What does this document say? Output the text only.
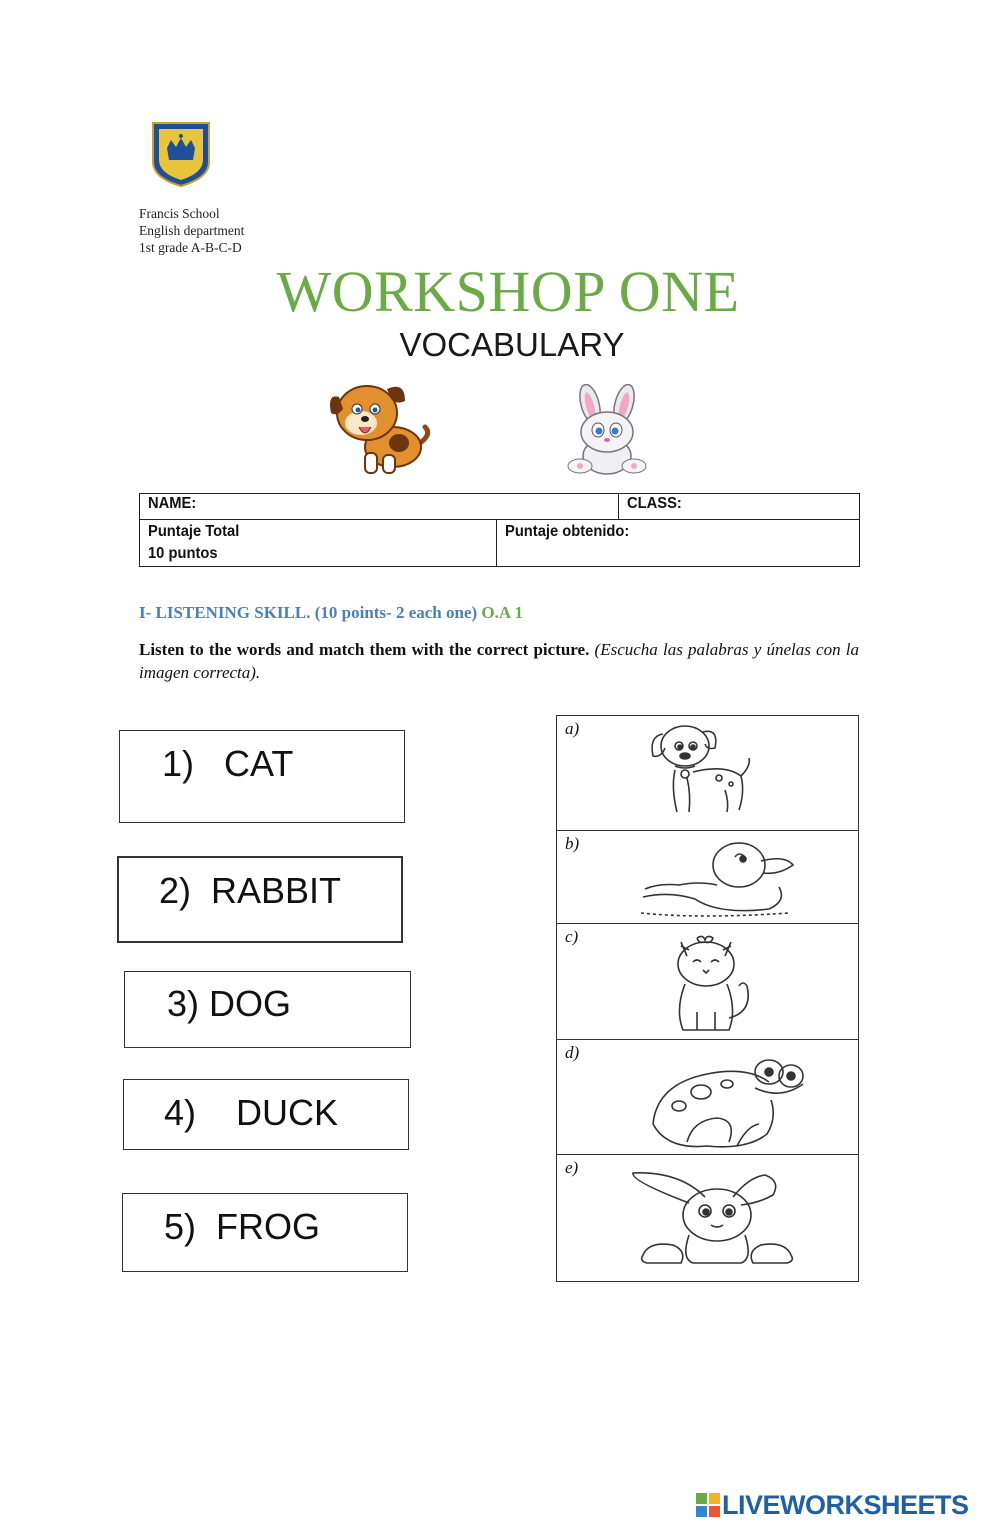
Francis School
English department
1st grade A-B-C-D
WORKSHOP ONE
VOCABULARY
NAME:		CLASS:
Puntaje Total
10 puntos	Puntaje obtenido:	
I- LISTENING SKILL. (10 points- 2 each one) O.A 1
Listen to the words and match them with the correct picture. (Escucha las palabras y únelas con la imagen correcta).
1)   CAT
2)  RABBIT
3) DOG
4)    DUCK
5)  FROG
a)
b)
c)
d)
e)
LIVEWORKSHEETS
